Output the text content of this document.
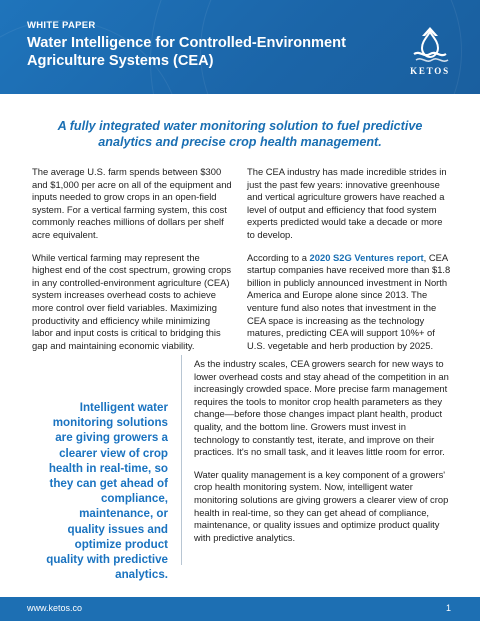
WHITE PAPER
Water Intelligence for Controlled-Environment Agriculture Systems (CEA)
KETOS
A fully integrated water monitoring solution to fuel predictive analytics and precise crop health management.

The average U.S. farm spends between $300 and $1,000 per acre on all of the equipment and inputs needed to grow crops in an open-field system. For a vertical farming system, this cost commonly reaches millions of dollars per shelf acre equivalent.

While vertical farming may represent the highest end of the cost spectrum, growing crops in any controlled-environment agriculture (CEA) system increases overhead costs to achieve more control over field variables. Maximizing productivity and efficiency while minimizing labor and input costs is critical to bridging this gap and maintaining economic viability.

The CEA industry has made incredible strides in just the past few years: innovative greenhouse and vertical agriculture growers have reached a level of output and efficiency that food system experts predicted would take a decade or more to develop.

According to a 2020 S2G Ventures report, CEA startup companies have received more than $1.8 billion in publicly announced investment in North America and Europe alone since 2013. The venture fund also notes that investment in the CEA space is increasing as the technology matures, predicting CEA will support 10%+ of U.S. vegetable and herb production by 2025.

Intelligent water monitoring solutions are giving growers a clearer view of crop health in real-time, so they can get ahead of compliance, maintenance, or quality issues and optimize product quality with predictive analytics.

As the industry scales, CEA growers search for new ways to lower overhead costs and stay ahead of the competition in an increasingly crowded space. More precise farm management requires the tools to monitor crop health parameters as they change—before those changes impact plant health, product quality, and the bottom line. Growers must invest in technology to constantly test, iterate, and improve on their practices. It's no small task, and it leaves little room for error.

Water quality management is a key component of a growers' crop health monitoring system. Now, intelligent water monitoring solutions are giving growers a clearer view of crop health in real-time, so they can get ahead of compliance, maintenance, or quality issues and optimize product quality with predictive analytics.

www.ketos.co	1
